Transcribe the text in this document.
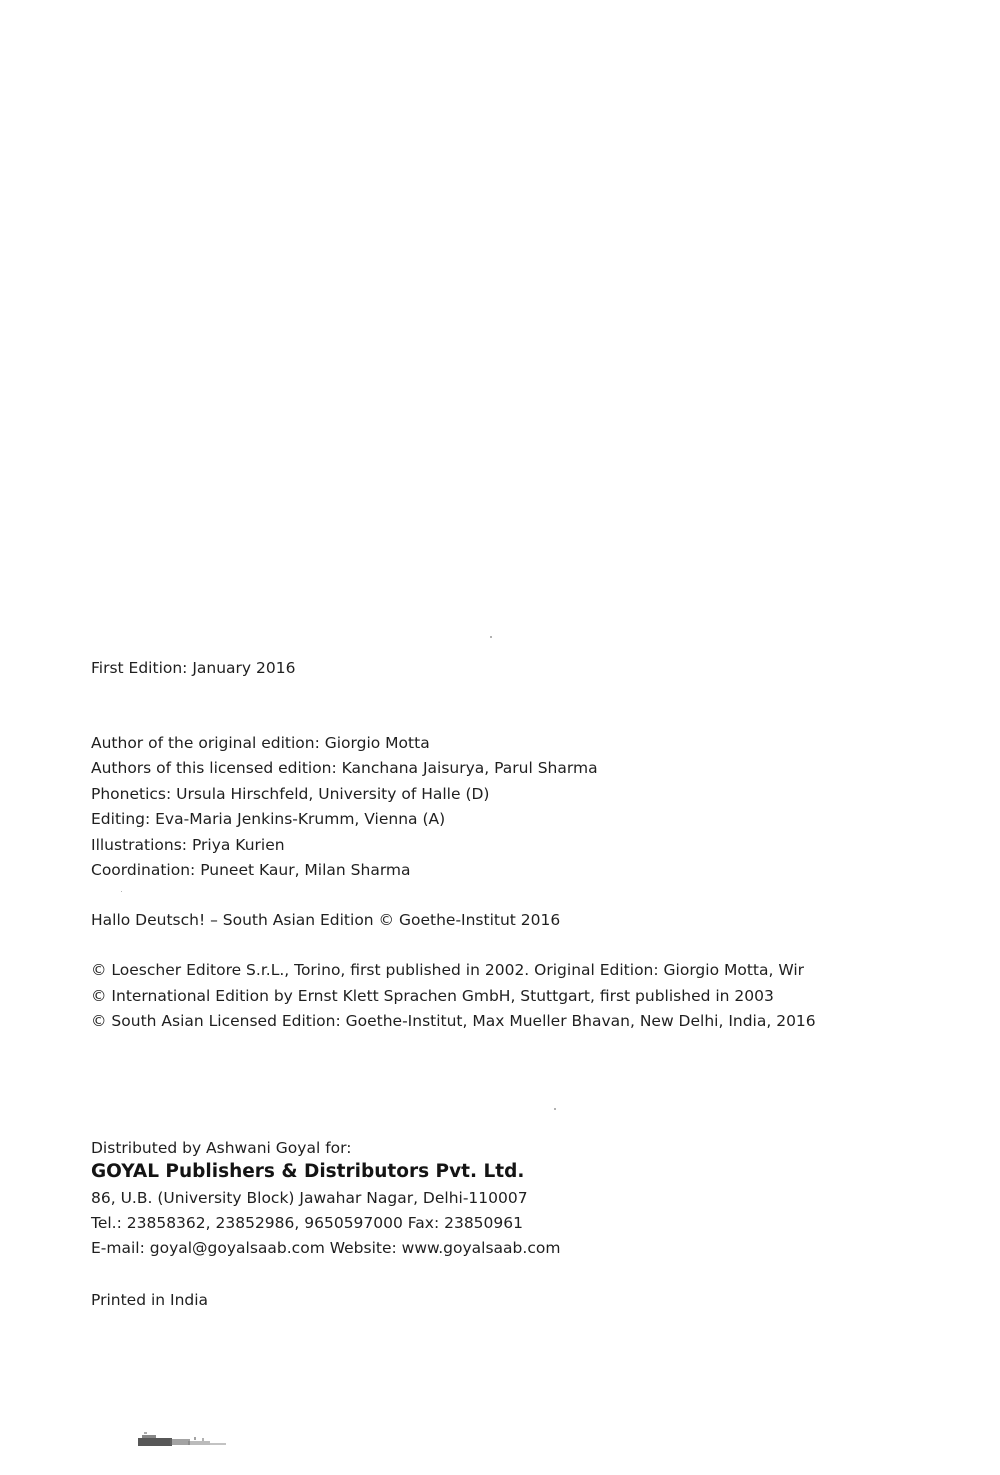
First Edition: January 2016
Author of the original edition: Giorgio Motta
Authors of this licensed edition: Kanchana Jaisurya, Parul Sharma
Phonetics: Ursula Hirschfeld, University of Halle (D)
Editing: Eva-Maria Jenkins-Krumm, Vienna (A)
Illustrations: Priya Kurien
Coordination: Puneet Kaur, Milan Sharma
Hallo Deutsch! – South Asian Edition © Goethe-Institut 2016
© Loescher Editore S.r.L., Torino, first published in 2002. Original Edition: Giorgio Motta, Wir
© International Edition by Ernst Klett Sprachen GmbH, Stuttgart, first published in 2003
© South Asian Licensed Edition: Goethe-Institut, Max Mueller Bhavan, New Delhi, India, 2016
Distributed by Ashwani Goyal for:
GOYAL Publishers & Distributors Pvt. Ltd.
86, U.B. (University Block) Jawahar Nagar, Delhi-110007
Tel.: 23858362, 23852986, 9650597000 Fax: 23850961
E-mail: goyal@goyalsaab.com Website: www.goyalsaab.com
Printed in India
